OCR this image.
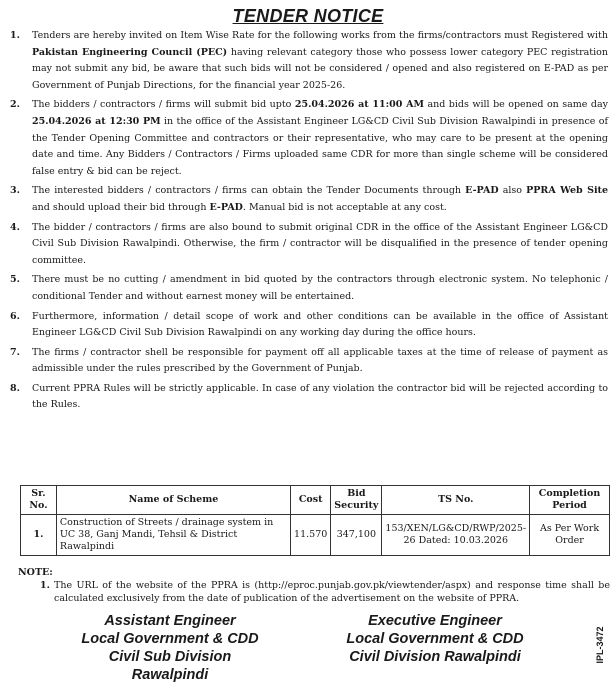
TENDER NOTICE
1.	Tenders are hereby invited on Item Wise Rate for the following works from the firms/contractors must Registered with Pakistan Engineering Council (PEC) having relevant category those who possess lower category PEC registration may not submit any bid, be aware that such bids will not be considered / opened and also registered on E-PAD as per Government of Punjab Directions, for the financial year 2025-26.
2.	The bidders / contractors / firms will submit bid upto 25.04.2026 at 11:00 AM and bids will be opened on same day 25.04.2026 at 12:30 PM in the office of the Assistant Engineer LG&CD Civil Sub Division Rawalpindi in presence of the Tender Opening Committee and contractors or their representative, who may care to be present at the opening date and time. Any Bidders / Contractors / Firms uploaded same CDR for more than single scheme will be considered false entry & bid can be reject.
3.	The interested bidders / contractors / firms can obtain the Tender Documents through E-PAD also PPRA Web Site and should upload their bid through E-PAD. Manual bid is not acceptable at any cost.
4.	The bidder / contractors / firms are also bound to submit original CDR in the office of the Assistant Engineer LG&CD Civil Sub Division Rawalpindi. Otherwise, the firm / contractor will be disqualified in the presence of tender opening committee.
5.	There must be no cutting / amendment in bid quoted by the contractors through electronic system. No telephonic / conditional Tender and without earnest money will be entertained.
6.	Furthermore, information / detail scope of work and other conditions can be available in the office of Assistant Engineer LG&CD Civil Sub Division Rawalpindi on any working day during the office hours.
7.	The firms / contractor shell be responsible for payment off all applicable taxes at the time of release of payment as admissible under the rules prescribed by the Government of Punjab.
8.	Current PPRA Rules will be strictly applicable. In case of any violation the contractor bid will be rejected according to the Rules.
Sr. No.	Name of Scheme	Cost	Bid Security	TS No.	Completion Period
1.	Construction of Streets / drainage system in UC 38, Ganj Mandi, Tehsil & District Rawalpindi	11.570	347,100	153/XEN/LG&CD/RWP/2025-26 Dated: 10.03.2026	As Per Work Order
NOTE:
1. The URL of the website of the PPRA is (http://eproc.punjab.gov.pk/viewtender/aspx) and response time shall be calculated exclusively from the date of publication of the advertisement on the website of PPRA.
Assistant Engineer
Local Government & CDD
Civil Sub Division Rawalpindi
Executive Engineer
Local Government & CDD
Civil Division Rawalpindi	IPL-3472
